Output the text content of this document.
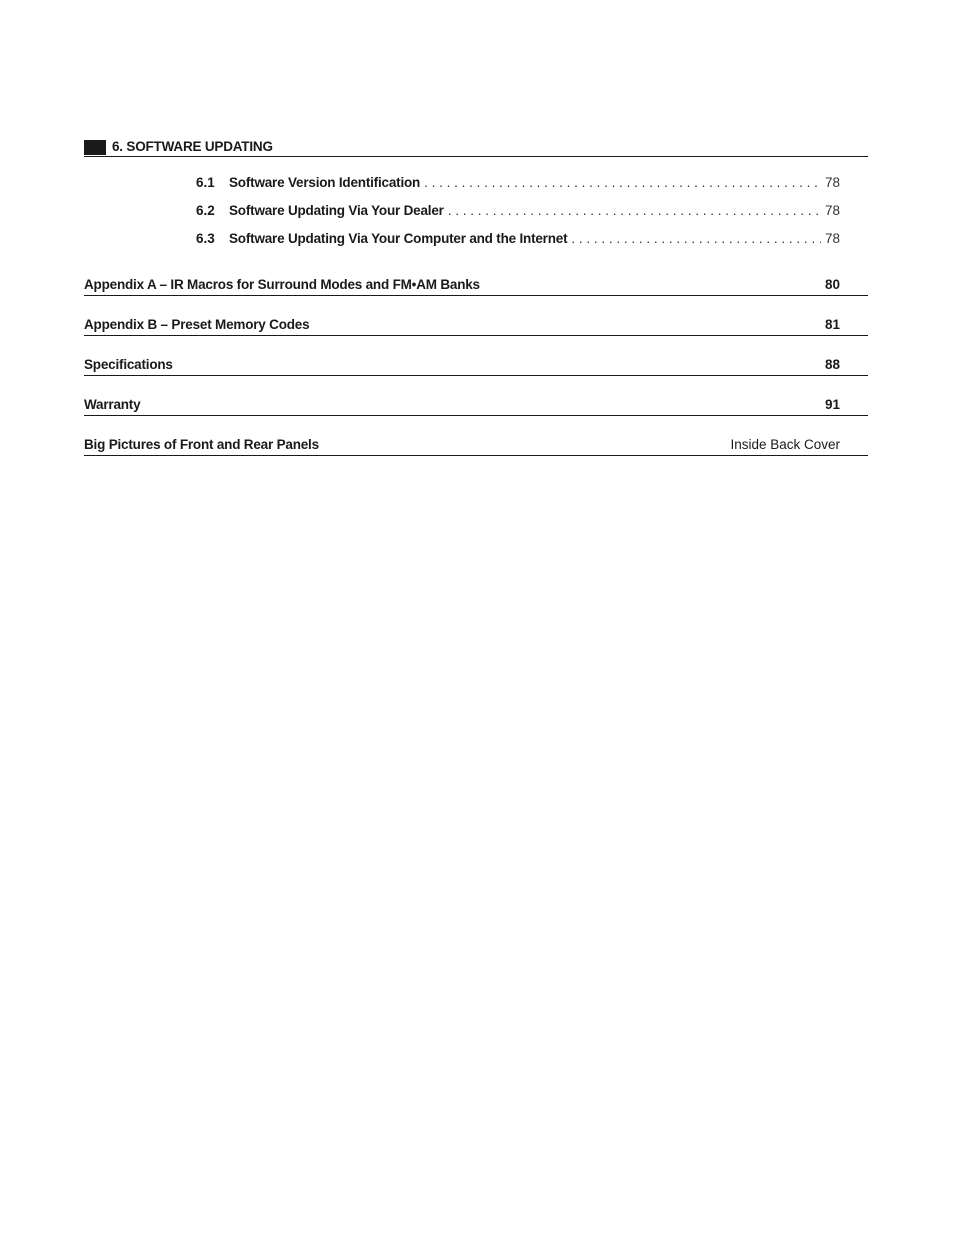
6. SOFTWARE UPDATING
6.1	Software Version Identification . . .	78
6.2	Software Updating Via Your Dealer . . .	78
6.3	Software Updating Via Your Computer and the Internet . . .	78
Appendix A – IR Macros for Surround Modes and FM•AM Banks	80
Appendix B – Preset Memory Codes	81
Specifications	88
Warranty	91
Big Pictures of Front and Rear Panels	Inside Back Cover
